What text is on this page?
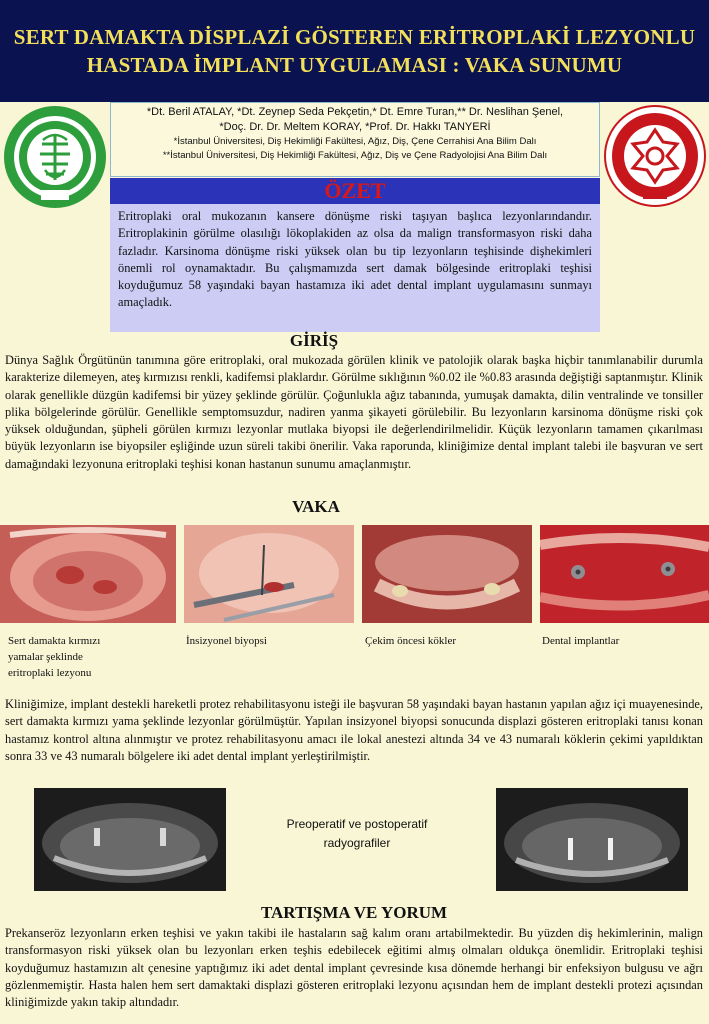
SERT DAMAKTA DİSPLAZİ GÖSTEREN ERİTROPLAKİ LEZYONLU HASTADA İMPLANT UYGULAMASI : VAKA SUNUMU
*Dt. Beril ATALAY, *Dt. Zeynep Seda Pekçetin,* Dt. Emre Turan,** Dr. Neslihan Şenel,
*Doç. Dr. Dr. Meltem KORAY, *Prof. Dr. Hakkı TANYERİ
*İstanbul Üniversitesi, Diş Hekimliği Fakültesi, Ağız, Diş, Çene Cerrahisi Ana Bilim Dalı
**İstanbul Üniversitesi, Diş Hekimliği Fakültesi, Ağız, Diş ve Çene Radyolojisi Ana Bilim Dalı
ÖZET
Eritroplaki oral mukozanın kansere dönüşme riski taşıyan başlıca lezyonlarındandır. Eritroplakinin görülme olasılığı lökoplakiden az olsa da malign transformasyon riski daha fazladır. Karsinoma dönüşme riski yüksek olan bu tip lezyonların teşhisinde dişhekimleri önemli rol oynamaktadır. Bu çalışmamızda sert damak bölgesinde eritroplaki teşhisi koyduğumuz 58 yaşındaki bayan hastamıza iki adet dental implant uygulamasını sunmayı amaçladık.
GİRİŞ
Dünya Sağlık Örgütünün tanımına göre eritroplaki, oral mukozada görülen klinik ve patolojik olarak başka hiçbir tanımlanabilir durumla karakterize dilemeyen, ateş kırmızısı renkli, kadifemsi plaklardır. Görülme sıklığının %0.02 ile %0.83 arasında değiştiği saptanmıştır. Klinik olarak genellikle düzgün kadifemsi bir yüzey şeklinde görülür. Çoğunlukla ağız tabanında, yumuşak damakta, dilin ventralinde ve tonsiller plika bölgelerinde görülür. Genellikle semptomsuzdur, nadiren yanma şikayeti görülebilir. Bu lezyonların karsinoma dönüşme riski çok yüksek olduğundan, şüpheli görülen kırmızı lezyonlar mutlaka biyopsi ile değerlendirilmelidir. Küçük lezyonların tamamen çıkarılması büyük lezyonların ise biyopsiler eşliğinde uzun süreli takibi önerilir. Vaka raporunda, kliniğimize dental implant talebi ile başvuran ve sert damağındaki lezyonuna eritroplaki teşhisi konan hastanun sunumu amaçlanmıştır.
VAKA
Sert damakta kırmızı yamalar şeklinde eritroplaki lezyonu
İnsizyonel biyopsi	Çekim öncesi kökler	Dental implantlar
Kliniğimize, implant destekli hareketli protez rehabilitasyonu isteği ile başvuran 58 yaşındaki bayan hastanın yapılan ağız içi muayenesinde, sert damakta kırmızı yama şeklinde lezyonlar görülmüştür. Yapılan insizyonel biyopsi sonucunda displazi gösteren eritroplaki tanısı konan hastamız kontrol altına alınmıştır ve protez rehabilitasyonu amacı ile lokal anestezi altında 34 ve 43 numaralı köklerin çekimi yapıldıktan sonra 33 ve 43 numaralı bölgelere iki adet dental implant yerleştirilmiştir.
Preoperatif ve postoperatif radyografiler
TARTIŞMA VE YORUM
Prekanseröz lezyonların erken teşhisi ve yakın takibi ile hastaların sağ kalım oranı artabilmektedir. Bu yüzden diş hekimlerinin, malign transformasyon riski yüksek olan bu lezyonları erken teşhis edebilecek eğitimi almış olmaları oldukça önemlidir. Eritroplaki teşhisi koyduğumuz hastamızın alt çenesine yaptığımız iki adet dental implant çevresinde kısa dönemde herhangi bir enfeksiyon bulgusu ve ağrı gözlenmemiştir. Hasta halen hem sert damaktaki displazi gösteren eritroplaki lezyonu açısından hem de implant destekli protezi açısından kliniğimizde yakın takip altındadır.
